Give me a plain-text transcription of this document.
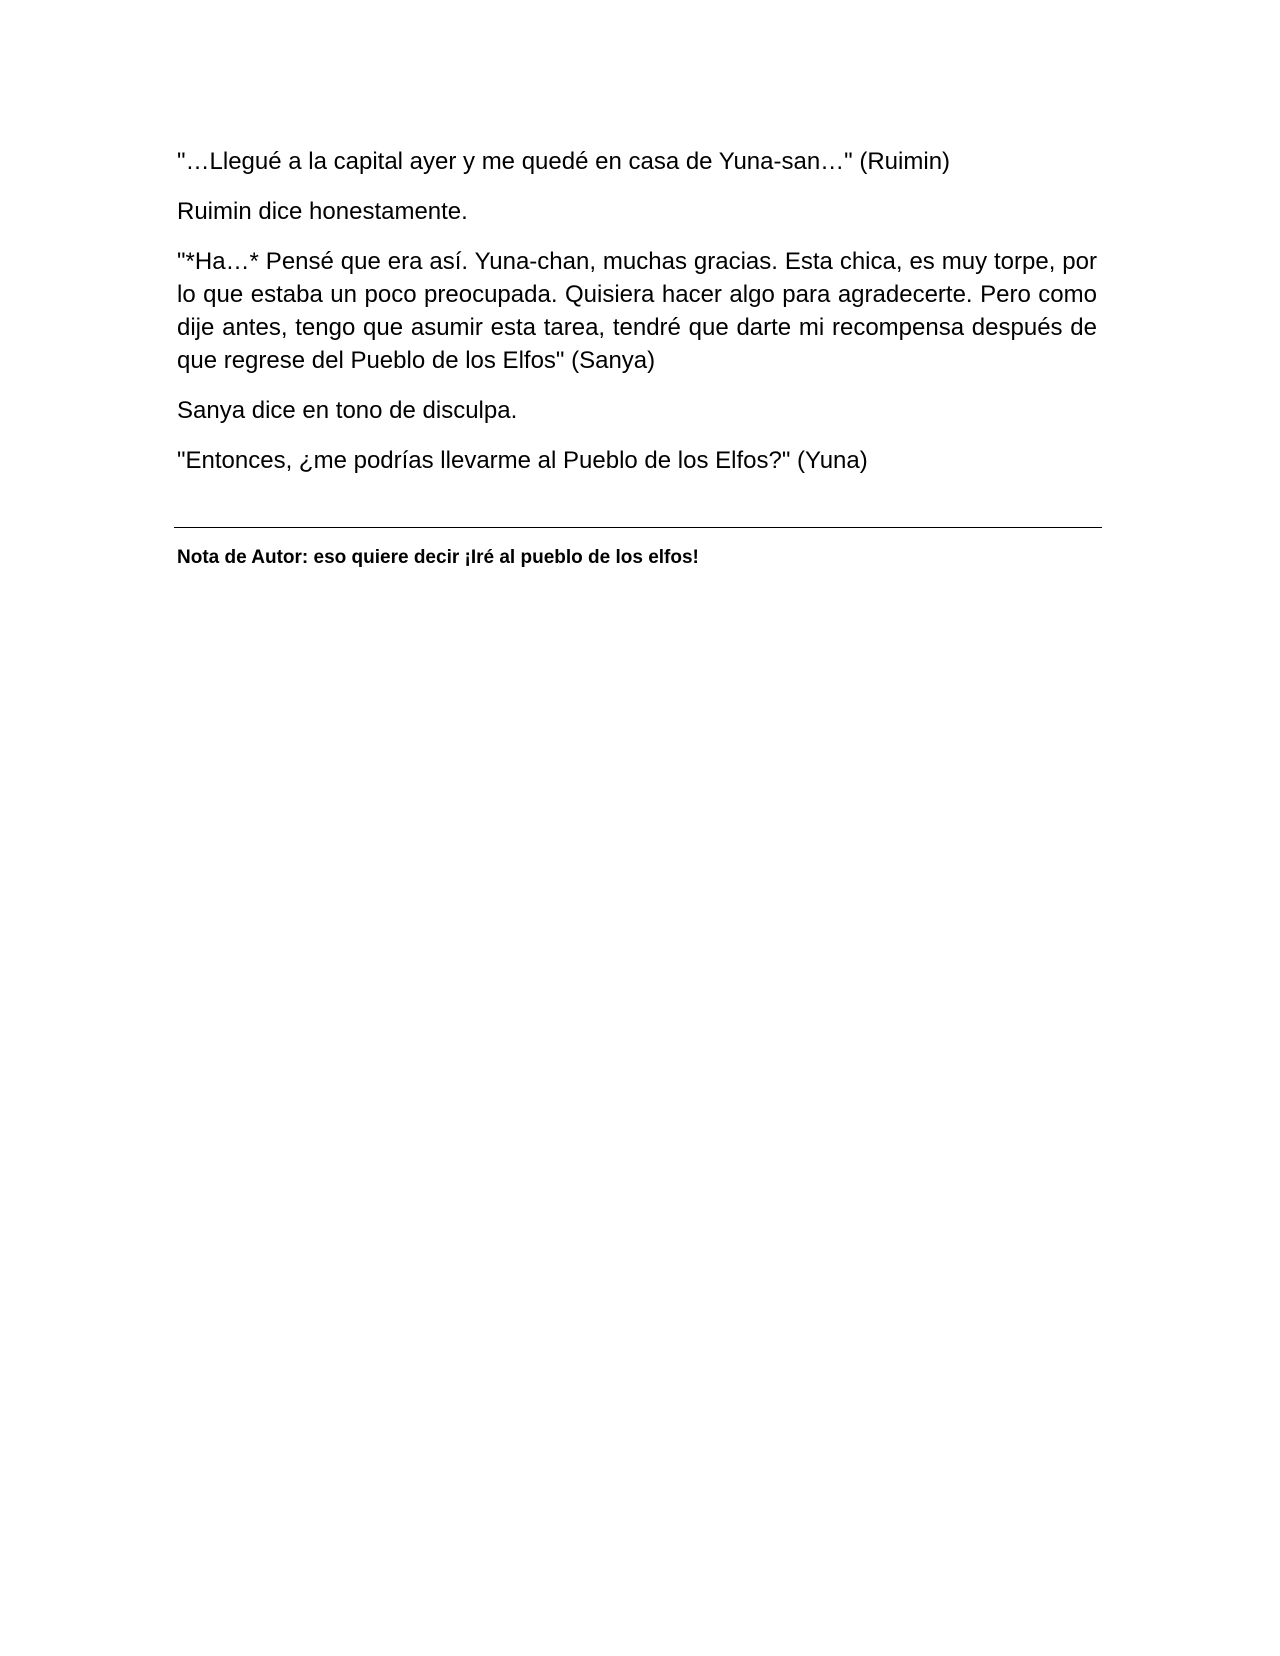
"…Llegué a la capital ayer y me quedé en casa de Yuna-san…" (Ruimin)

Ruimin dice honestamente.

"*Ha…* Pensé que era así. Yuna-chan, muchas gracias. Esta chica, es muy torpe, por lo que estaba un poco preocupada. Quisiera hacer algo para agradecerte. Pero como dije antes, tengo que asumir esta tarea, tendré que darte mi recompensa después de que regrese del Pueblo de los Elfos" (Sanya)

Sanya dice en tono de disculpa.

"Entonces, ¿me podrías llevarme al Pueblo de los Elfos?" (Yuna)

Nota de Autor: eso quiere decir ¡Iré al pueblo de los elfos!
